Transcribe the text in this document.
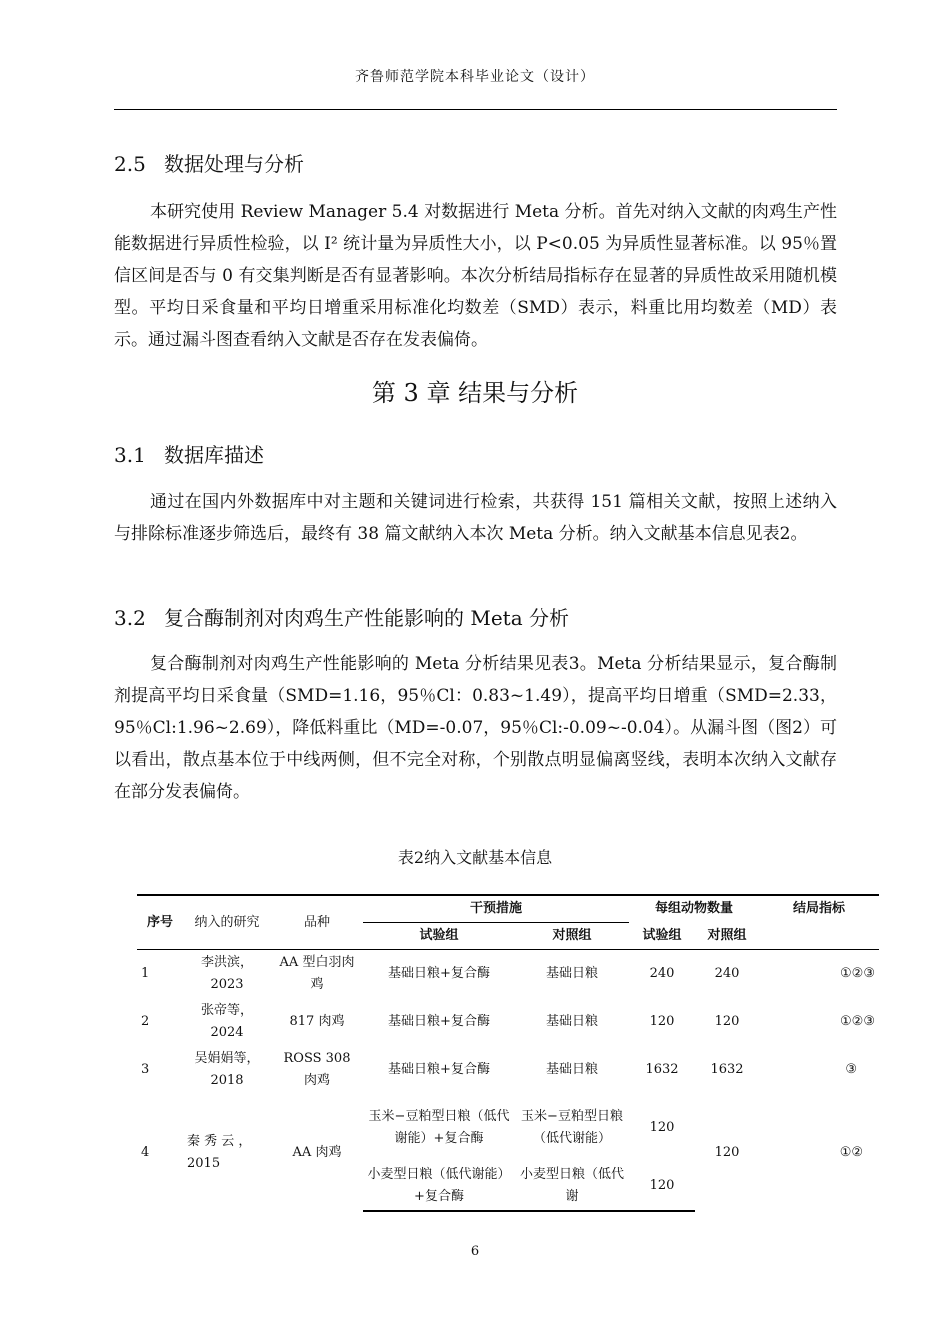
齐鲁师范学院本科毕业论文（设计）
2.5 数据处理与分析

本研究使用 Review Manager 5.4 对数据进行 Meta 分析。首先对纳入文献的肉鸡生产性能数据进行异质性检验，以 I² 统计量为异质性大小，以 P<0.05 为异质性显著标准。以 95％置信区间是否与 0 有交集判断是否有显著影响。本次分析结局指标存在显著的异质性故采用随机模型。平均日采食量和平均日增重采用标准化均数差（SMD）表示，料重比用均数差（MD）表示。通过漏斗图查看纳入文献是否存在发表偏倚。

第 3 章 结果与分析
3.1 数据库描述

通过在国内外数据库中对主题和关键词进行检索，共获得 151 篇相关文献，按照上述纳入与排除标准逐步筛选后，最终有 38 篇文献纳入本次 Meta 分析。纳入文献基本信息见表2。

3.2 复合酶制剂对肉鸡生产性能影响的 Meta 分析

复合酶制剂对肉鸡生产性能影响的 Meta 分析结果见表3。Meta 分析结果显示，复合酶制剂提高平均日采食量（SMD=1.16，95％Cl：0.83~1.49），提高平均日增重（SMD=2.33，95％Cl:1.96~2.69），降低料重比（MD=-0.07，95％Cl:-0.09~-0.04）。从漏斗图（图2）可以看出，散点基本位于中线两侧，但不完全对称，个别散点明显偏离竖线，表明本次纳入文献存在部分发表偏倚。

表2纳入文献基本信息
序号	纳入的研究	品种	干预措施		每组动物数量		结局指标
			试验组	对照组	试验组	对照组	
1	李洪滨，2023	AA 型白羽肉鸡	基础日粮+复合酶	基础日粮	240	240	①②③
2	张帝等，2024	817 肉鸡	基础日粮+复合酶	基础日粮	120	120	①②③
3	吴娟娟等，2018	ROSS 308 肉鸡	基础日粮+复合酶	基础日粮	1632	1632	③
4	秦 秀 云 ，2015	AA 肉鸡	玉米−豆粕型日粮（低代谢能）+复合酶	玉米−豆粕型日粮（低代谢能）	120	120	①②
			小麦型日粮（低代谢能）+复合酶	小麦型日粮（低代谢	120		
6
